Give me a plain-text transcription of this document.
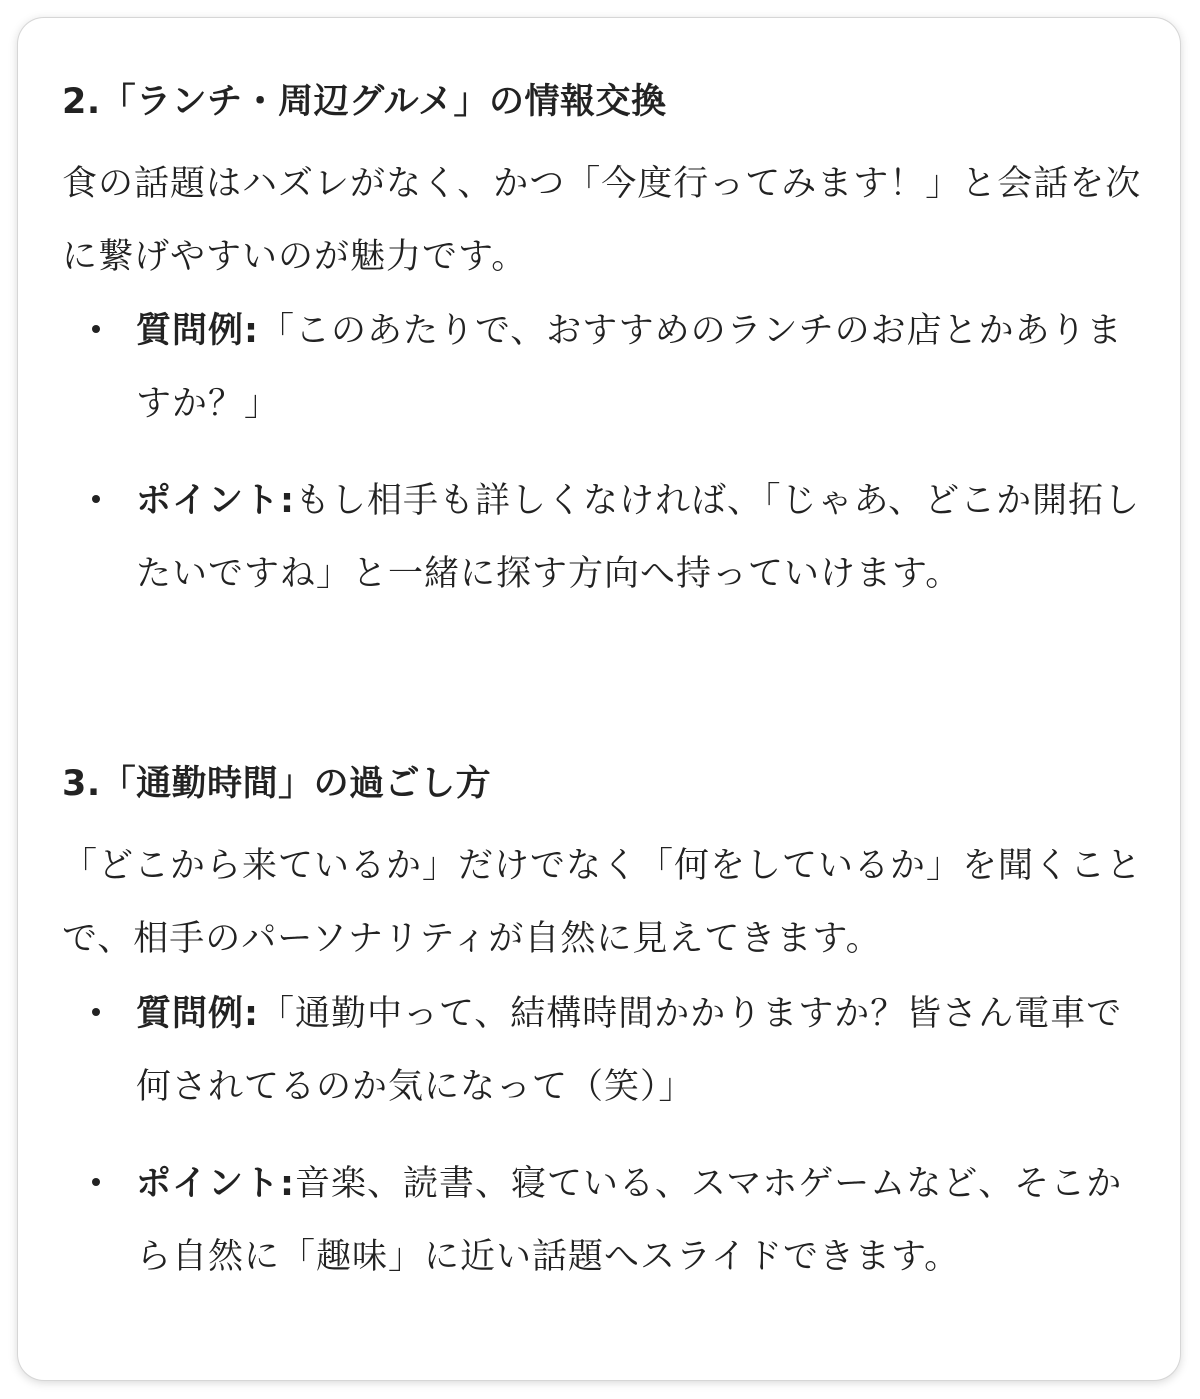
2.「ランチ・周辺グルメ」の情報交換
食の話題はハズレがなく、かつ「今度行ってみます！」と会話を次に繋げやすいのが魅力です。
質問例:「このあたりで、おすすめのランチのお店とかありますか？」
ポイント:もし相手も詳しくなければ、「じゃあ、どこか開拓したいですね」と一緒に探す方向へ持っていけます。
3.「通勤時間」の過ごし方
「どこから来ているか」だけでなく「何をしているか」を聞くことで、相手のパーソナリティが自然に見えてきます。
質問例:「通勤中って、結構時間かかりますか？皆さん電車で何されてるのか気になって（笑）」
ポイント:音楽、読書、寝ている、スマホゲームなど、そこから自然に「趣味」に近い話題へスライドできます。
